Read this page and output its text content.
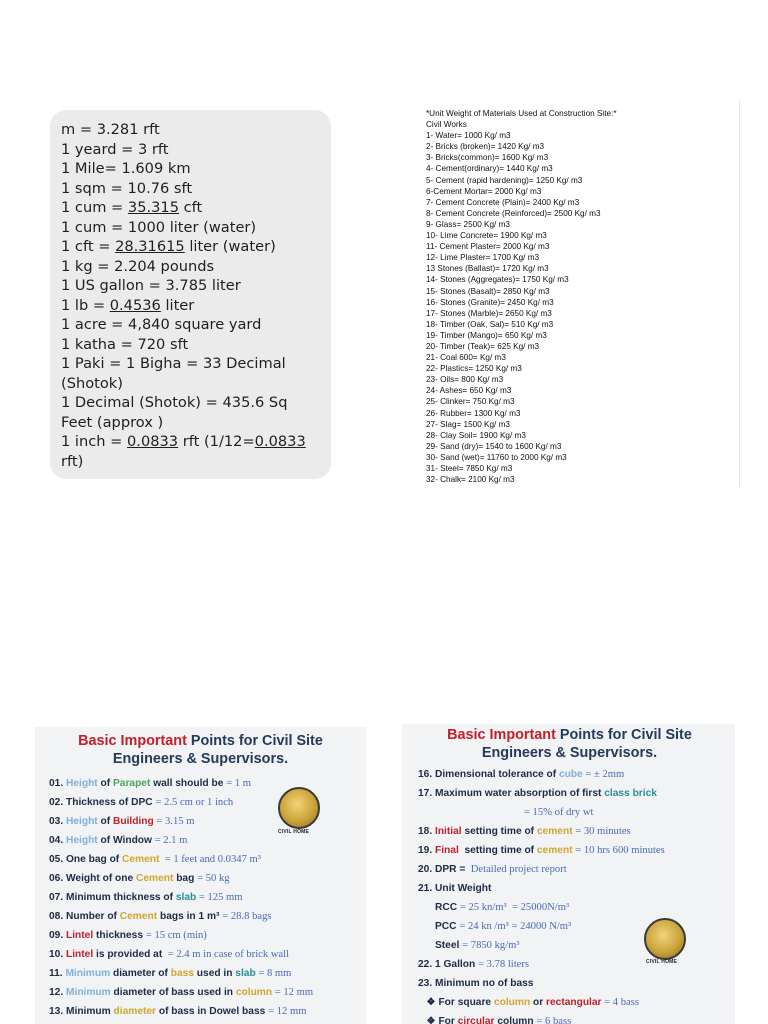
m = 3.281 rft
1 yeard = 3 rft
1 Mile= 1.609 km
1 sqm = 10.76 sft
1 cum = 35.315 cft
1 cum = 1000 liter (water)
1 cft = 28.31615 liter (water)
1 kg = 2.204 pounds
1 US gallon = 3.785 liter
1 lb = 0.4536 liter
1 acre = 4,840 square yard
1 katha = 720 sft
1 Paki = 1 Bigha = 33 Decimal
(Shotok)
1 Decimal (Shotok) = 435.6 Sq
Feet (approx )
1 inch = 0.0833 rft (1/12=0.0833
rft)
*Unit Weight of Materials Used at Construction Site:*
Civil Works
1- Water= 1000 Kg/ m3
2- Bricks (broken)= 1420 Kg/ m3
3- Bricks(common)= 1600 Kg/ m3
4- Cement(ordinary)= 1440 Kg/ m3
5- Cement (rapid hardening)= 1250 Kg/ m3
6-Cement Mortar= 2000 Kg/ m3
7- Cement Concrete (Plain)= 2400 Kg/ m3
8- Cement Concrete (Reinforced)= 2500 Kg/ m3
9- Glass= 2500 Kg/ m3
10- Lime Concrete= 1900 Kg/ m3
11- Cement Plaster= 2000 Kg/ m3
12- Lime Plaster= 1700 Kg/ m3
13 Stones (Ballast)= 1720 Kg/ m3
14- Stones (Aggregates)= 1750 Kg/ m3
15- Stones (Basalt)= 2850 Kg/ m3
16- Stones (Granite)= 2450 Kg/ m3
17- Stones (Marble)= 2650 Kg/ m3
18- Timber (Oak, Sal)= 510 Kg/ m3
19- Timber (Mango)= 650 Kg/ m3
20- Timber (Teak)= 625 Kg/ m3
21- Coal 600= Kg/ m3
22- Plastics= 1250 Kg/ m3
23- Oils= 800 Kg/ m3
24- Ashes= 650 Kg/ m3
25- Clinker= 750 Kg/ m3
26- Rubber= 1300 Kg/ m3
27- Slag= 1500 Kg/ m3
28- Clay Soil= 1900 Kg/ m3
29- Sand (dry)= 1540 to 1600 Kg/ m3
30- Sand (wet)= 11760 to 2000 Kg/ m3
31- Steel= 7850 Kg/ m3
32- Chalk= 2100 Kg/ m3
Basic Important Points for Civil Site
Engineers & Supervisors.
01. Height of Parapet wall should be = 1 m
02. Thickness of DPC = 2.5 cm or 1 inch
03. Height of Building = 3.15 m
04. Height of Window = 2.1 m
05. One bag of Cement  = 1 feet and 0.0347 m³
06. Weight of one Cement bag = 50 kg
07. Minimum thickness of slab = 125 mm
08. Number of Cement bags in 1 m³ = 28.8 bags
09. Lintel thickness = 15 cm (min)
10. Lintel is provided at  = 2.4 m in case of brick wall
11. Minimum diameter of bass used in slab = 8 mm
12. Minimum diameter of bass used in column = 12 mm
13. Minimum diameter of bass in Dowel bass = 12 mm
CIVIL HOME
Basic Important Points for Civil Site
Engineers & Supervisors.
16. Dimensional tolerance of cube = ± 2mm
17. Maximum water absorption of first class brick
= 15% of dry wt
18. Initial setting time of cement = 30 minutes
19. Final  setting time of cement = 10 hrs 600 minutes
20. DPR =  Detailed project report
21. Unit Weight
RCC = 25 kn/m³  = 25000N/m³
PCC = 24 kn /m³ = 24000 N/m³
Steel = 7850 kg/m³
22. 1 Gallon = 3.78 liters
23. Minimum no of bass
❖ For square column or rectangular = 4 bass
❖ For circular column = 6 bass
CIVIL HOME
